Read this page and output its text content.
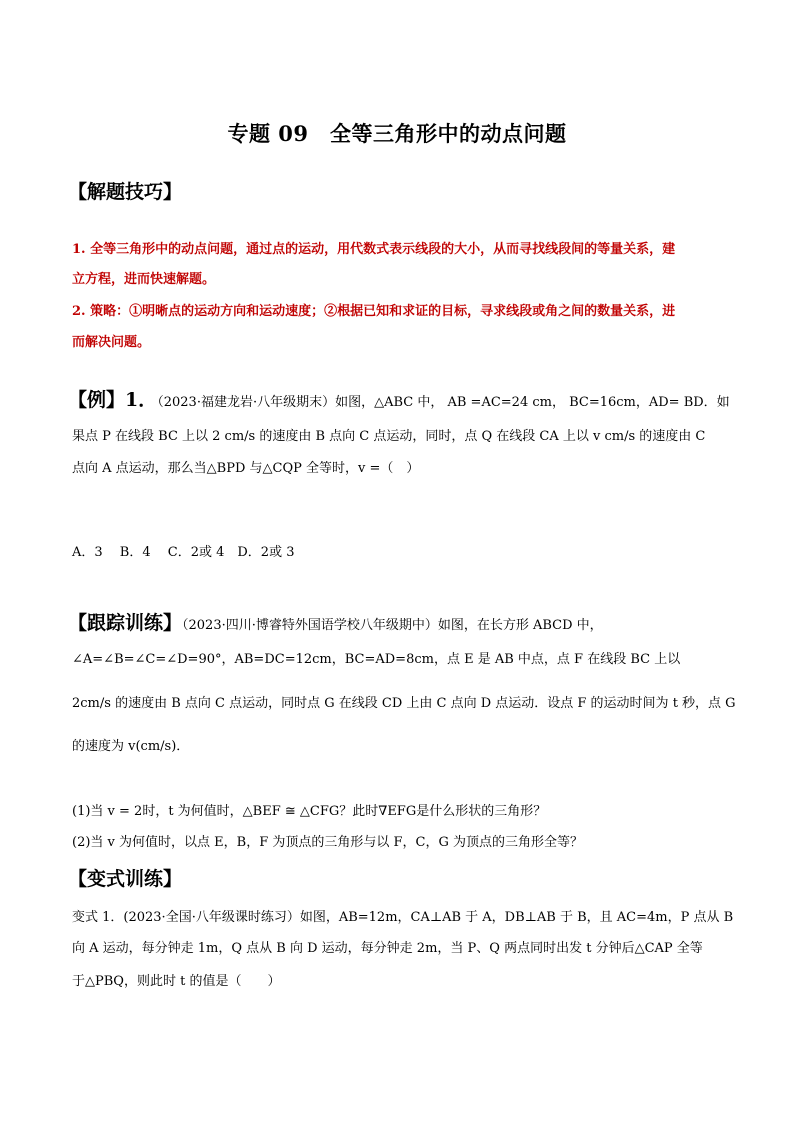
专题 09　全等三角形中的动点问题
【解题技巧】
1. 全等三角形中的动点问题，通过点的运动，用代数式表示线段的大小，从而寻找线段间的等量关系，建
立方程，进而快速解题。
2. 策略：①明晰点的运动方向和运动速度；②根据已知和求证的目标，寻求线段或角之间的数量关系，进
而解决问题。
【例】1．（2023·福建龙岩·八年级期末）如图，△ABC 中， AB =AC=24 cm， BC=16cm，AD= BD．如
果点 P 在线段 BC 上以 2 cm/s 的速度由 B 点向 C 点运动，同时，点 Q 在线段 CA 上以 v cm/s 的速度由 C
点向 A 点运动，那么当△BPD 与△CQP 全等时，v =（　）
A．3　 B．4　 C．2或 4　D．2或 3
【跟踪训练】（2023·四川·博睿特外国语学校八年级期中）如图，在长方形 ABCD 中，
∠A=∠B=∠C=∠D=90°，AB=DC=12cm，BC=AD=8cm，点 E 是 AB 中点，点 F 在线段 BC 上以
2cm/s 的速度由 B 点向 C 点运动，同时点 G 在线段 CD 上由 C 点向 D 点运动．设点 F 的运动时间为 t 秒，点 G
的速度为 v(cm/s)．
(1)当 v = 2时，t 为何值时，△BEF ≅ △CFG？此时∇EFG是什么形状的三角形？
(2)当 v 为何值时，以点 E，B，F 为顶点的三角形与以 F，C，G 为顶点的三角形全等？
【变式训练】
变式 1．(2023·全国·八年级课时练习）如图，AB=12m，CA⊥AB 于 A，DB⊥AB 于 B，且 AC=4m，P 点从 B
向 A 运动，每分钟走 1m，Q 点从 B 向 D 运动，每分钟走 2m，当 P、Q 两点同时出发 t 分钟后△CAP 全等
于△PBQ，则此时 t 的值是（　　）
